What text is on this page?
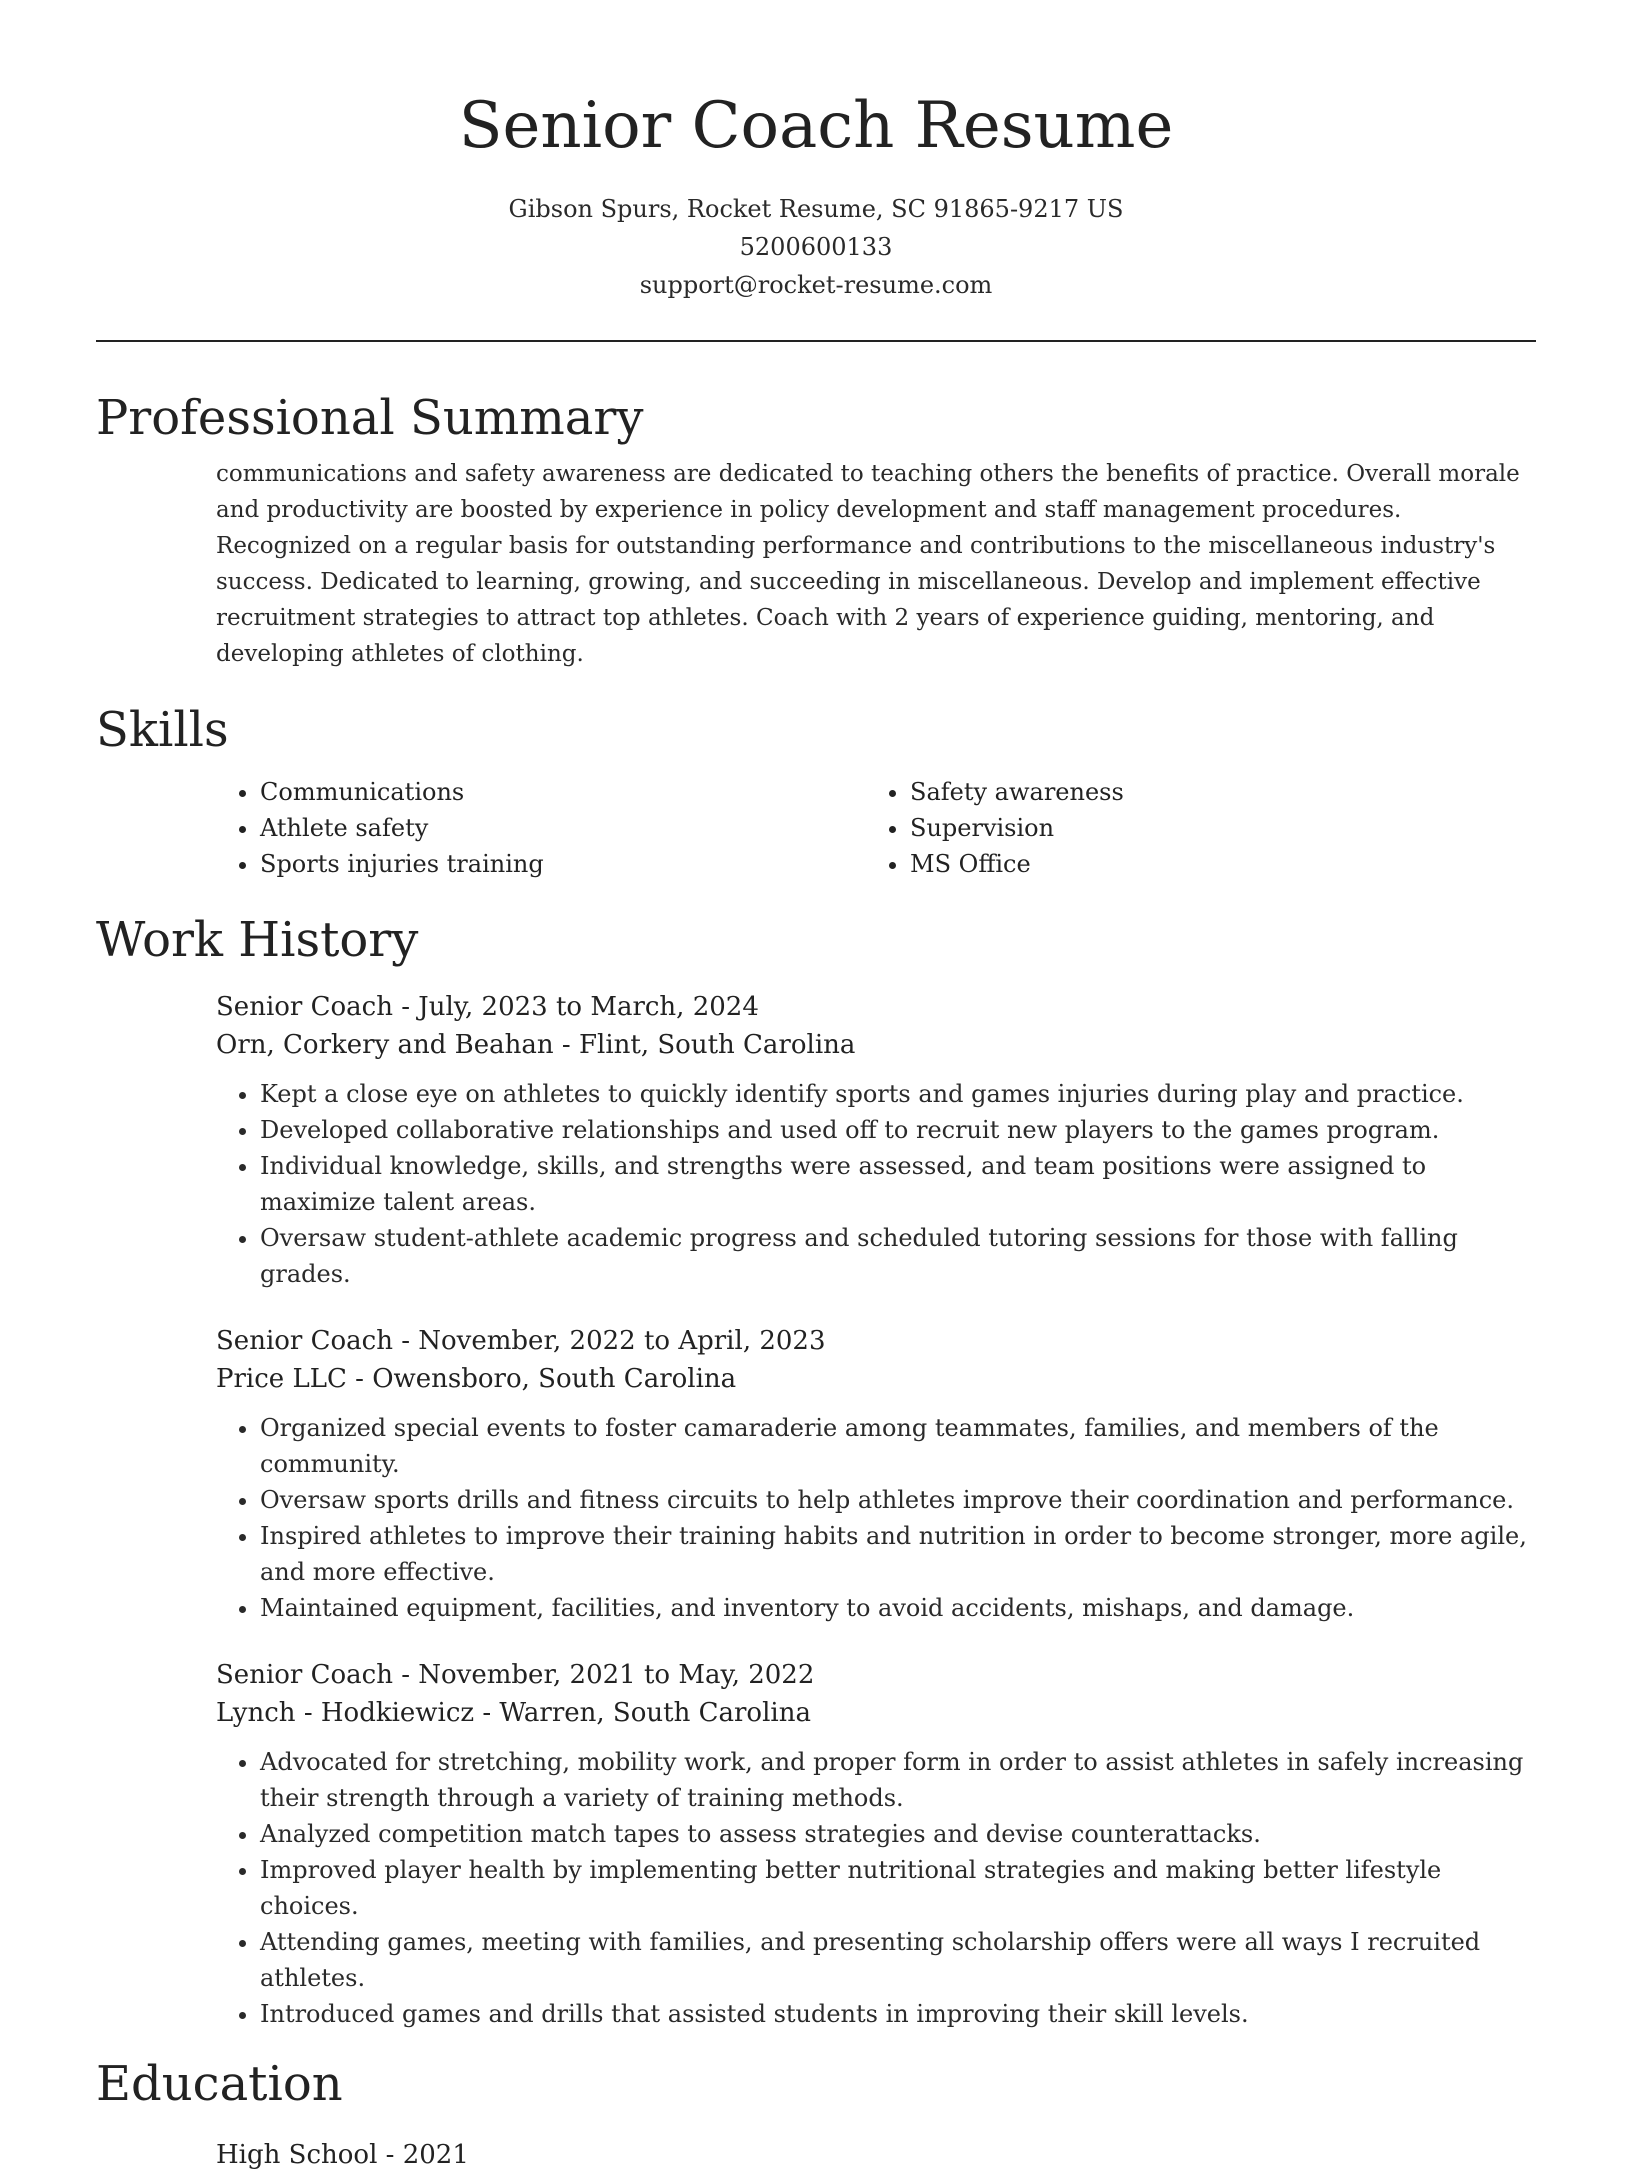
Senior Coach Resume
Gibson Spurs, Rocket Resume, SC 91865-9217 US
5200600133
support@rocket-resume.com
Professional Summary

communications and safety awareness are dedicated to teaching others the benefits of practice. Overall morale and productivity are boosted by experience in policy development and staff management procedures. Recognized on a regular basis for outstanding performance and contributions to the miscellaneous industry's success. Dedicated to learning, growing, and succeeding in miscellaneous. Develop and implement effective recruitment strategies to attract top athletes. Coach with 2 years of experience guiding, mentoring, and developing athletes of clothing.

Skills
• Communications
• Athlete safety
• Sports injuries training
• Safety awareness
• Supervision
• MS Office
Work History
Senior Coach - July, 2023 to March, 2024
Orn, Corkery and Beahan - Flint, South Carolina
• Kept a close eye on athletes to quickly identify sports and games injuries during play and practice.
• Developed collaborative relationships and used off to recruit new players to the games program.
• Individual knowledge, skills, and strengths were assessed, and team positions were assigned to maximize talent areas.
• Oversaw student-athlete academic progress and scheduled tutoring sessions for those with falling grades.
Senior Coach - November, 2022 to April, 2023
Price LLC - Owensboro, South Carolina
• Organized special events to foster camaraderie among teammates, families, and members of the community.
• Oversaw sports drills and fitness circuits to help athletes improve their coordination and performance.
• Inspired athletes to improve their training habits and nutrition in order to become stronger, more agile, and more effective.
• Maintained equipment, facilities, and inventory to avoid accidents, mishaps, and damage.
Senior Coach - November, 2021 to May, 2022
Lynch - Hodkiewicz - Warren, South Carolina
• Advocated for stretching, mobility work, and proper form in order to assist athletes in safely increasing their strength through a variety of training methods.
• Analyzed competition match tapes to assess strategies and devise counterattacks.
• Improved player health by implementing better nutritional strategies and making better lifestyle choices.
• Attending games, meeting with families, and presenting scholarship offers were all ways I recruited athletes.
• Introduced games and drills that assisted students in improving their skill levels.
Education
High School - 2021
